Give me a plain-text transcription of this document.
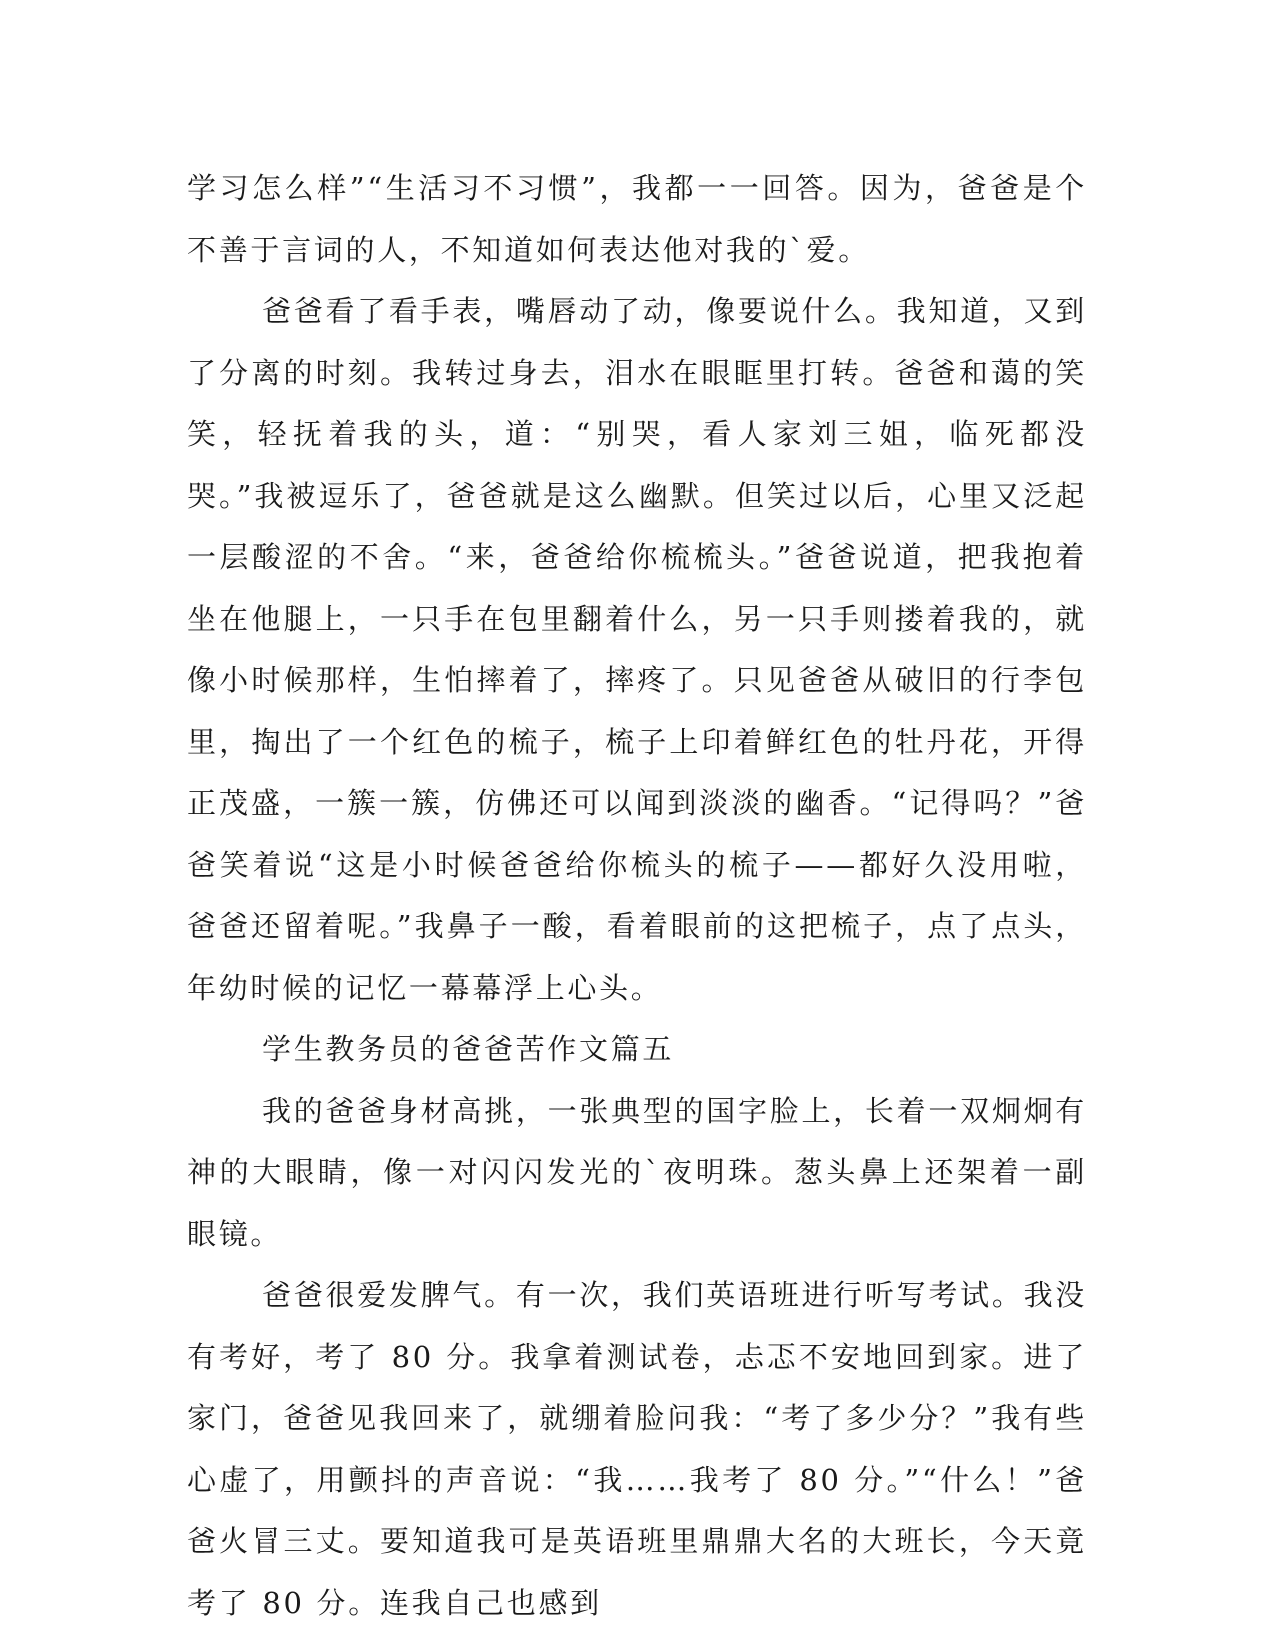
学习怎么样”“生活习不习惯”，我都一一回答。因为，爸爸是个不善于言词的人，不知道如何表达他对我的`爱。

爸爸看了看手表，嘴唇动了动，像要说什么。我知道，又到了分离的时刻。我转过身去，泪水在眼眶里打转。爸爸和蔼的笑笑，轻抚着我的头，道：“别哭，看人家刘三姐，临死都没哭。”我被逗乐了，爸爸就是这么幽默。但笑过以后，心里又泛起一层酸涩的不舍。“来，爸爸给你梳梳头。”爸爸说道，把我抱着坐在他腿上，一只手在包里翻着什么，另一只手则搂着我的，就像小时候那样，生怕摔着了，摔疼了。只见爸爸从破旧的行李包里，掏出了一个红色的梳子，梳子上印着鲜红色的牡丹花，开得正茂盛，一簇一簇，仿佛还可以闻到淡淡的幽香。“记得吗？”爸爸笑着说“这是小时候爸爸给你梳头的梳子——都好久没用啦，爸爸还留着呢。”我鼻子一酸，看着眼前的这把梳子，点了点头，年幼时候的记忆一幕幕浮上心头。

学生教务员的爸爸苦作文篇五

我的爸爸身材高挑，一张典型的国字脸上，长着一双炯炯有神的大眼睛，像一对闪闪发光的`夜明珠。葱头鼻上还架着一副眼镜。

爸爸很爱发脾气。有一次，我们英语班进行听写考试。我没有考好，考了 80 分。我拿着测试卷，忐忑不安地回到家。进了家门，爸爸见我回来了，就绷着脸问我：“考了多少分？”我有些心虚了，用颤抖的声音说：“我……我考了 80 分。”“什么！”爸爸火冒三丈。要知道我可是英语班里鼎鼎大名的大班长，今天竟考了 80 分。连我自己也感到
